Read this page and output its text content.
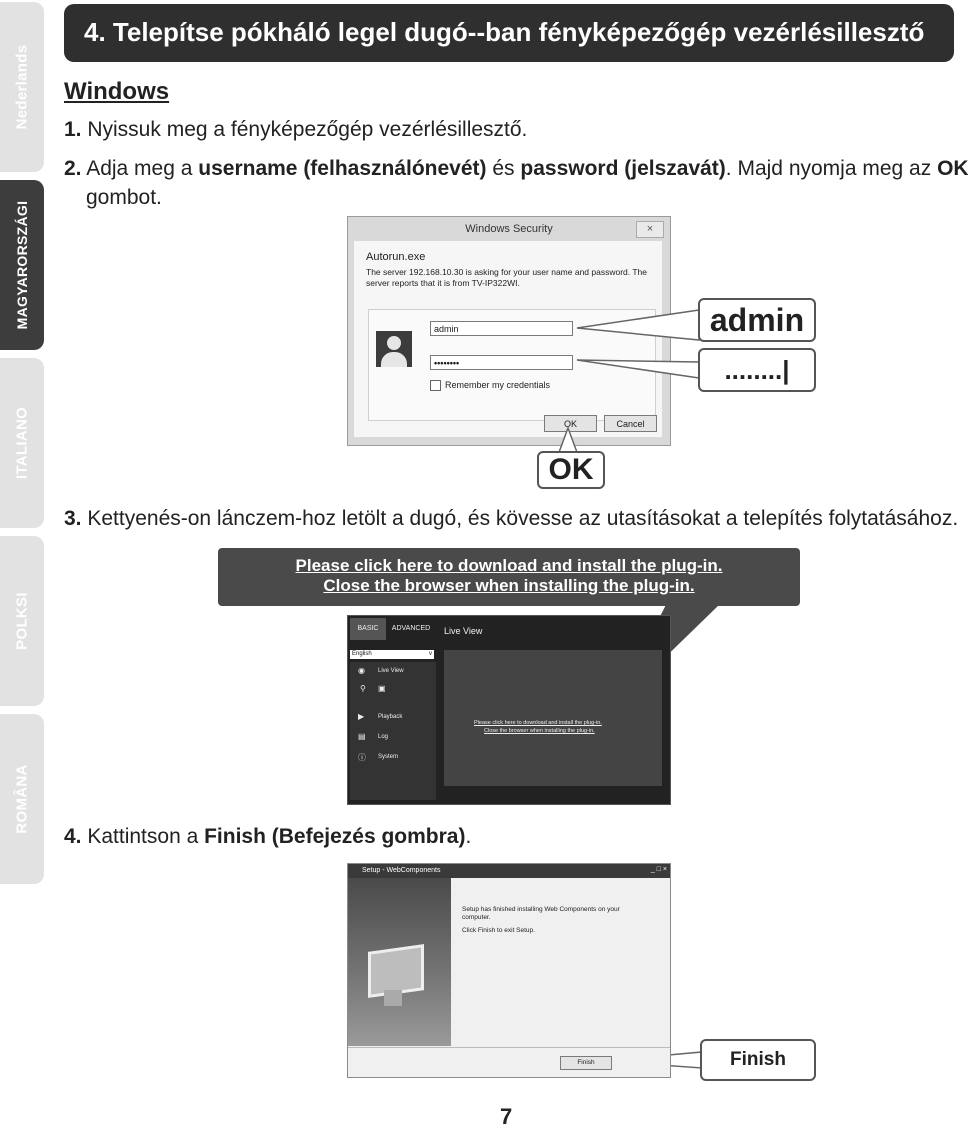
Nederlands
MAGYARORSZÁGI
ITALIANO
POLKSI
ROMÂNA
4. Telepítse pókháló legel dugó--ban fényképezőgép vezérlésillesztő
Windows
1. Nyissuk meg a fényképezőgép vezérlésillesztő.
2. Adja meg a username (felhasználónevét) és password (jelszavát). Majd nyomja meg az OK
gombot.
Windows Security	×
Autorun.exe
The server 192.168.10.30 is asking for your user name and password. The
server reports that it is from TV-IP322WI.
admin
••••••••
Remember my credentials
OK	Cancel
admin
........|
OK
3. Kettyenés-on lánczem-hoz letölt a dugó, és kövesse az utasításokat a telepítés folytatásához.
Please click here to download and install the plug-in.
Close the browser when installing the plug-in.
BASIC	ADVANCED
English	v
◉ Live View
⚲ ▣
▶ Playback
▤ Log
ⓘ System
Live View
Please click here to download and install the plug-in.
Close the browser when installing the plug-in.
4. Kattintson a Finish (Befejezés gombra).
Setup - WebComponents	_ □ ×
Setup has finished installing Web Components on your
computer.
Click Finish to exit Setup.
Finish	Finish
7
